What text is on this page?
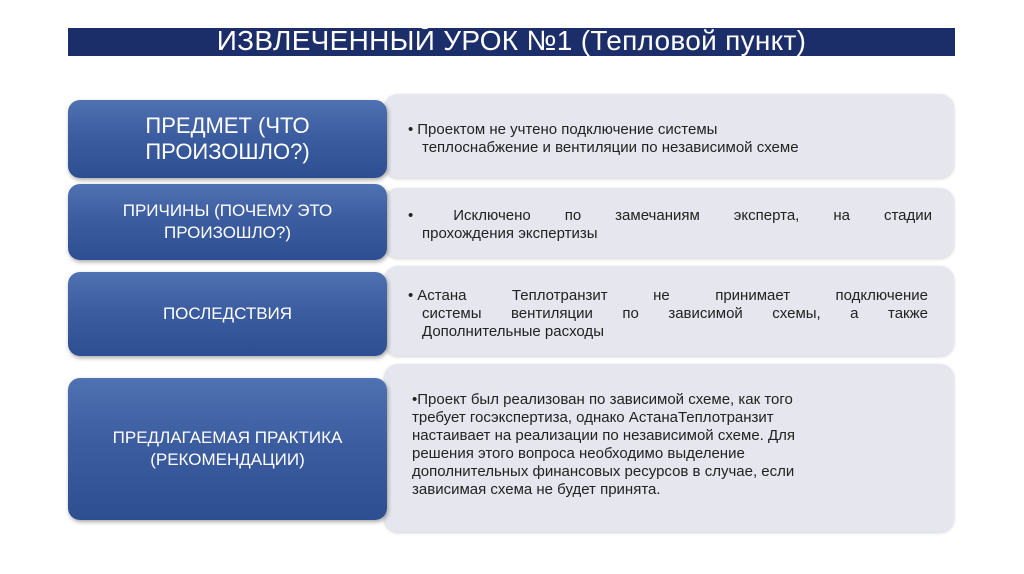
ИЗВЛЕЧЕННЫЙ УРОК №1 (Тепловой пункт)
ПРЕДМЕТ (ЧТО
ПРОИЗОШЛО?)
• Проектом не учтено подключение системы
теплоснабжение и вентиляции по независимой схеме
ПРИЧИНЫ (ПОЧЕМУ ЭТО
ПРОИЗОШЛО?)
•	Исключено по замечаниям эксперта, на стадии
прохождения экспертизы
ПОСЛЕДСТВИЯ
• Астана Теплотранзит не принимает подключение
системы вентиляции по зависимой схемы, а также
Дополнительные расходы
ПРЕДЛАГАЕМАЯ ПРАКТИКА
(РЕКОМЕНДАЦИИ)
•Проект был реализован по зависимой схеме, как того
требует госэкспертиза, однако АстанаТеплотранзит
настаивает на реализации по независимой схеме. Для
решения этого вопроса необходимо выделение
дополнительных финансовых ресурсов в случае, если
зависимая схема не будет принята.
